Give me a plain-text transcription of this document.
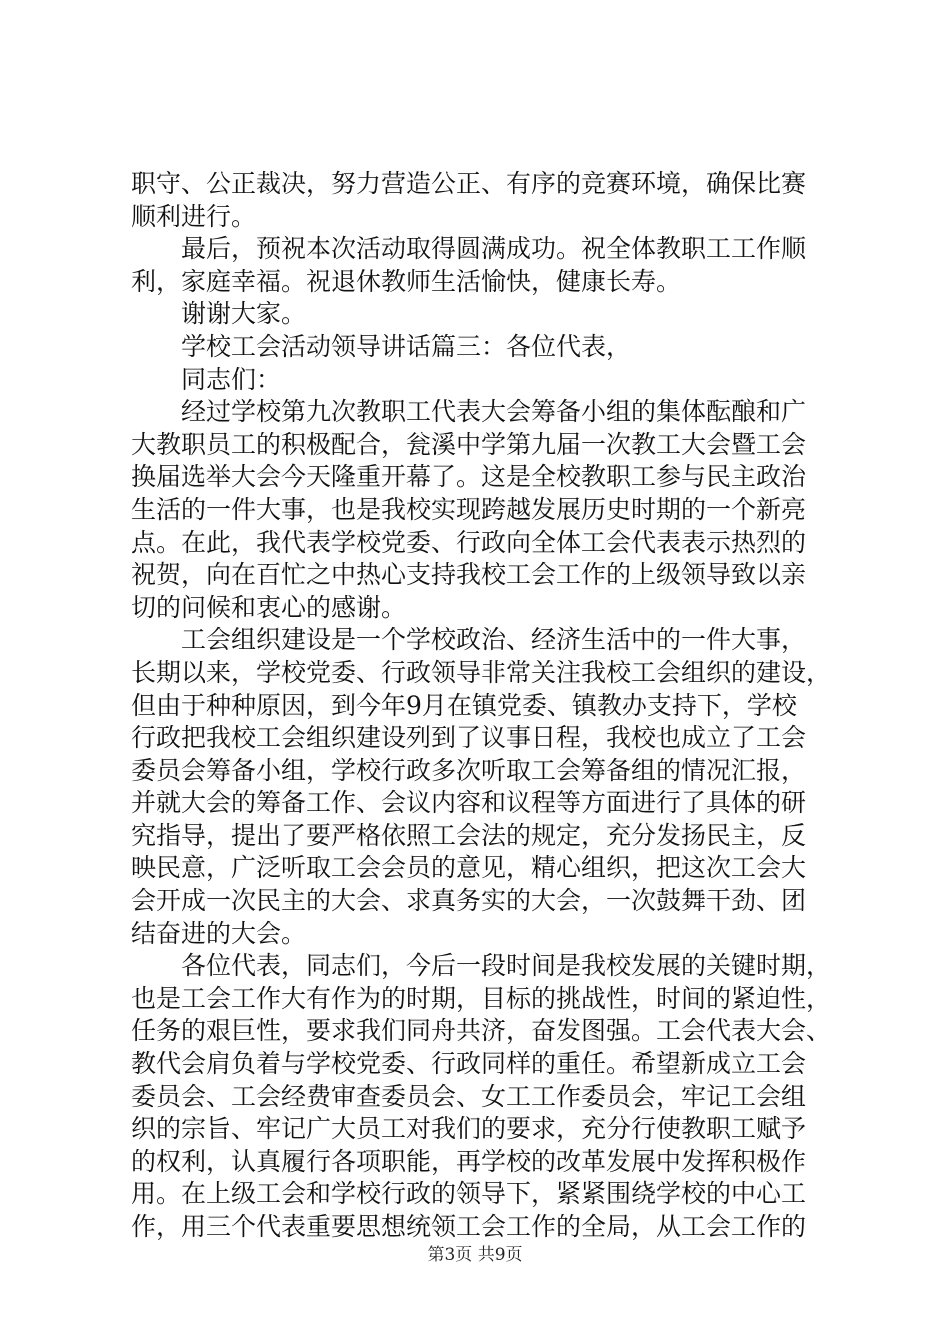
职守、公正裁决，努力营造公正、有序的竞赛环境，确保比赛
顺利进行。
最后，预祝本次活动取得圆满成功。祝全体教职工工作顺
利，家庭幸福。祝退休教师生活愉快，健康长寿。
谢谢大家。
学校工会活动领导讲话篇三：各位代表，
同志们：
经过学校第九次教职工代表大会筹备小组的集体酝酿和广
大教职员工的积极配合，瓮溪中学第九届一次教工大会暨工会
换届选举大会今天隆重开幕了。这是全校教职工参与民主政治
生活的一件大事，也是我校实现跨越发展历史时期的一个新亮
点。在此，我代表学校党委、行政向全体工会代表表示热烈的
祝贺，向在百忙之中热心支持我校工会工作的上级领导致以亲
切的问候和衷心的感谢。
工会组织建设是一个学校政治、经济生活中的一件大事，
长期以来，学校党委、行政领导非常关注我校工会组织的建设，
但由于种种原因，到今年9月在镇党委、镇教办支持下，学校
行政把我校工会组织建设列到了议事日程，我校也成立了工会
委员会筹备小组，学校行政多次听取工会筹备组的情况汇报，
并就大会的筹备工作、会议内容和议程等方面进行了具体的研
究指导，提出了要严格依照工会法的规定，充分发扬民主，反
映民意，广泛听取工会会员的意见，精心组织，把这次工会大
会开成一次民主的大会、求真务实的大会，一次鼓舞干劲、团
结奋进的大会。
各位代表，同志们，今后一段时间是我校发展的关键时期，
也是工会工作大有作为的时期，目标的挑战性，时间的紧迫性，
任务的艰巨性，要求我们同舟共济，奋发图强。工会代表大会、
教代会肩负着与学校党委、行政同样的重任。希望新成立工会
委员会、工会经费审查委员会、女工工作委员会，牢记工会组
织的宗旨、牢记广大员工对我们的要求，充分行使教职工赋予
的权利，认真履行各项职能，再学校的改革发展中发挥积极作
用。在上级工会和学校行政的领导下，紧紧围绕学校的中心工
作，用三个代表重要思想统领工会工作的全局，从工会工作的
第3页 共9页
